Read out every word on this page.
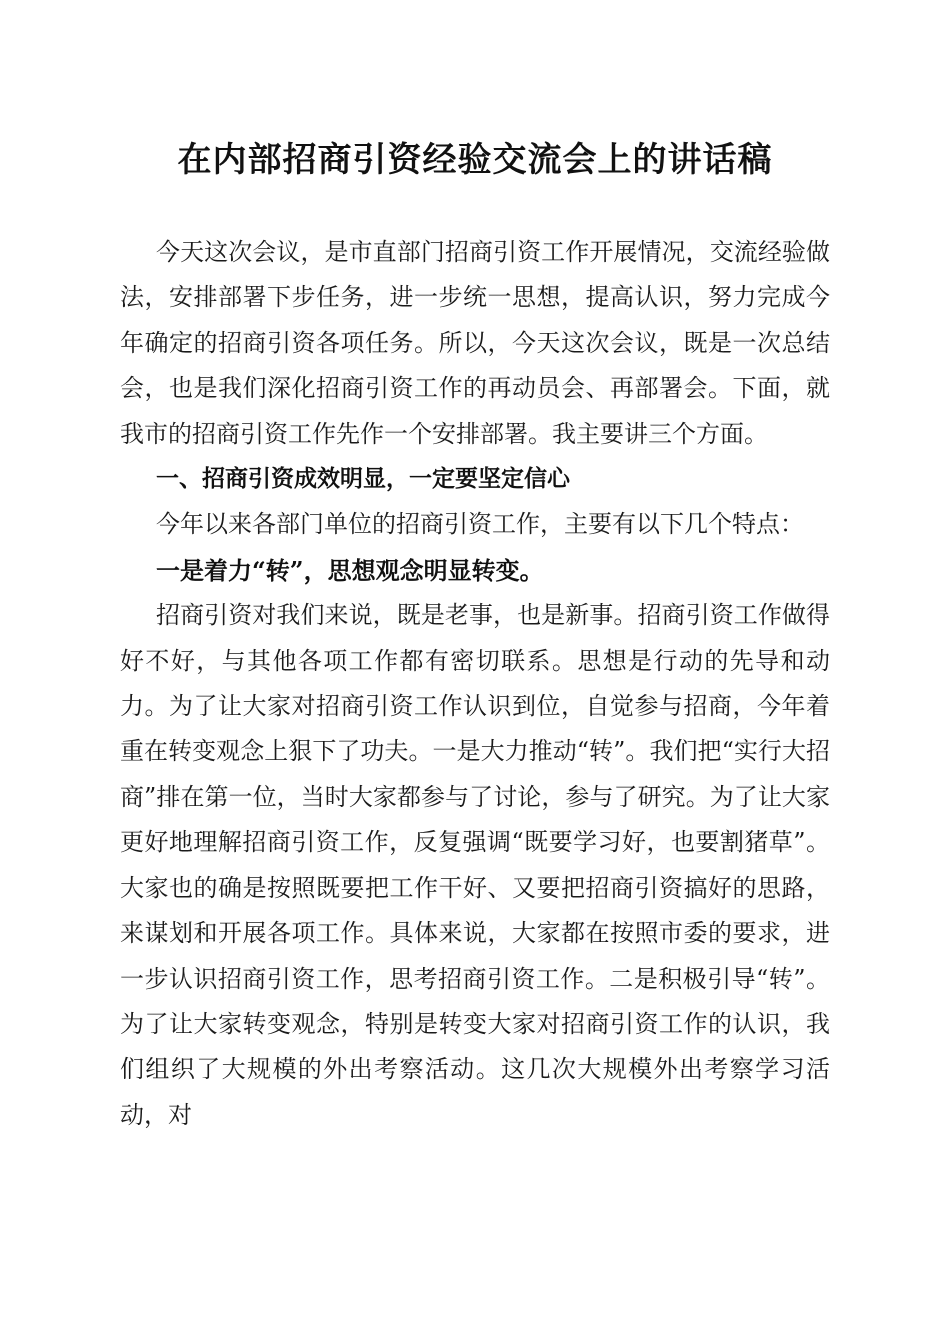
在内部招商引资经验交流会上的讲话稿

今天这次会议，是市直部门招商引资工作开展情况，交流经验做法，安排部署下步任务，进一步统一思想，提高认识，努力完成今年确定的招商引资各项任务。所以，今天这次会议，既是一次总结会，也是我们深化招商引资工作的再动员会、再部署会。下面，就我市的招商引资工作先作一个安排部署。我主要讲三个方面。

一、招商引资成效明显，一定要坚定信心

今年以来各部门单位的招商引资工作，主要有以下几个特点：

一是着力“转”，思想观念明显转变。

招商引资对我们来说，既是老事，也是新事。招商引资工作做得好不好，与其他各项工作都有密切联系。思想是行动的先导和动力。为了让大家对招商引资工作认识到位，自觉参与招商，今年着重在转变观念上狠下了功夫。一是大力推动“转”。我们把“实行大招商”排在第一位，当时大家都参与了讨论，参与了研究。为了让大家更好地理解招商引资工作，反复强调“既要学习好，也要割猪草”。大家也的确是按照既要把工作干好、又要把招商引资搞好的思路，来谋划和开展各项工作。具体来说，大家都在按照市委的要求，进一步认识招商引资工作，思考招商引资工作。二是积极引导“转”。为了让大家转变观念，特别是转变大家对招商引资工作的认识，我们组织了大规模的外出考察活动。这几次大规模外出考察学习活动，对
